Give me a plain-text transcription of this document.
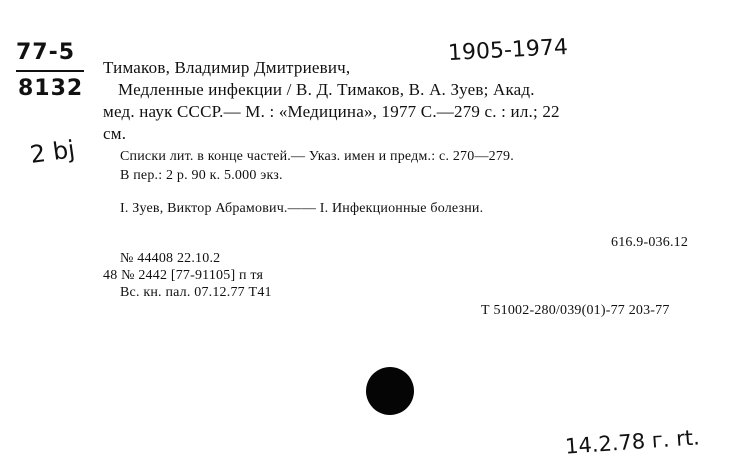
77-5
8132
2 bj
Тимаков, Владимир Дмитриевич,
1905-1974
Медленные инфекции / В. Д. Тимаков, В. А. Зуев; Акад.
мед. наук СССР.— М. : «Медицина», 1977 С.—279 с. : ил.; 22
см.
Списки лит. в конце частей.— Указ. имен и предм.: с. 270—279.
В пер.: 2 р. 90 к. 5.000 экз.
I. Зуев, Виктор Абрамович.—— I. Инфекционные болезни.
616.9-036.12
№ 44408 22.10.2
48 № 2442 [77-91105] п тя
Вс. кн. пал. 07.12.77 Т41
Т 51002-280/039(01)-77 203-77
14.2.78 г. rt.
